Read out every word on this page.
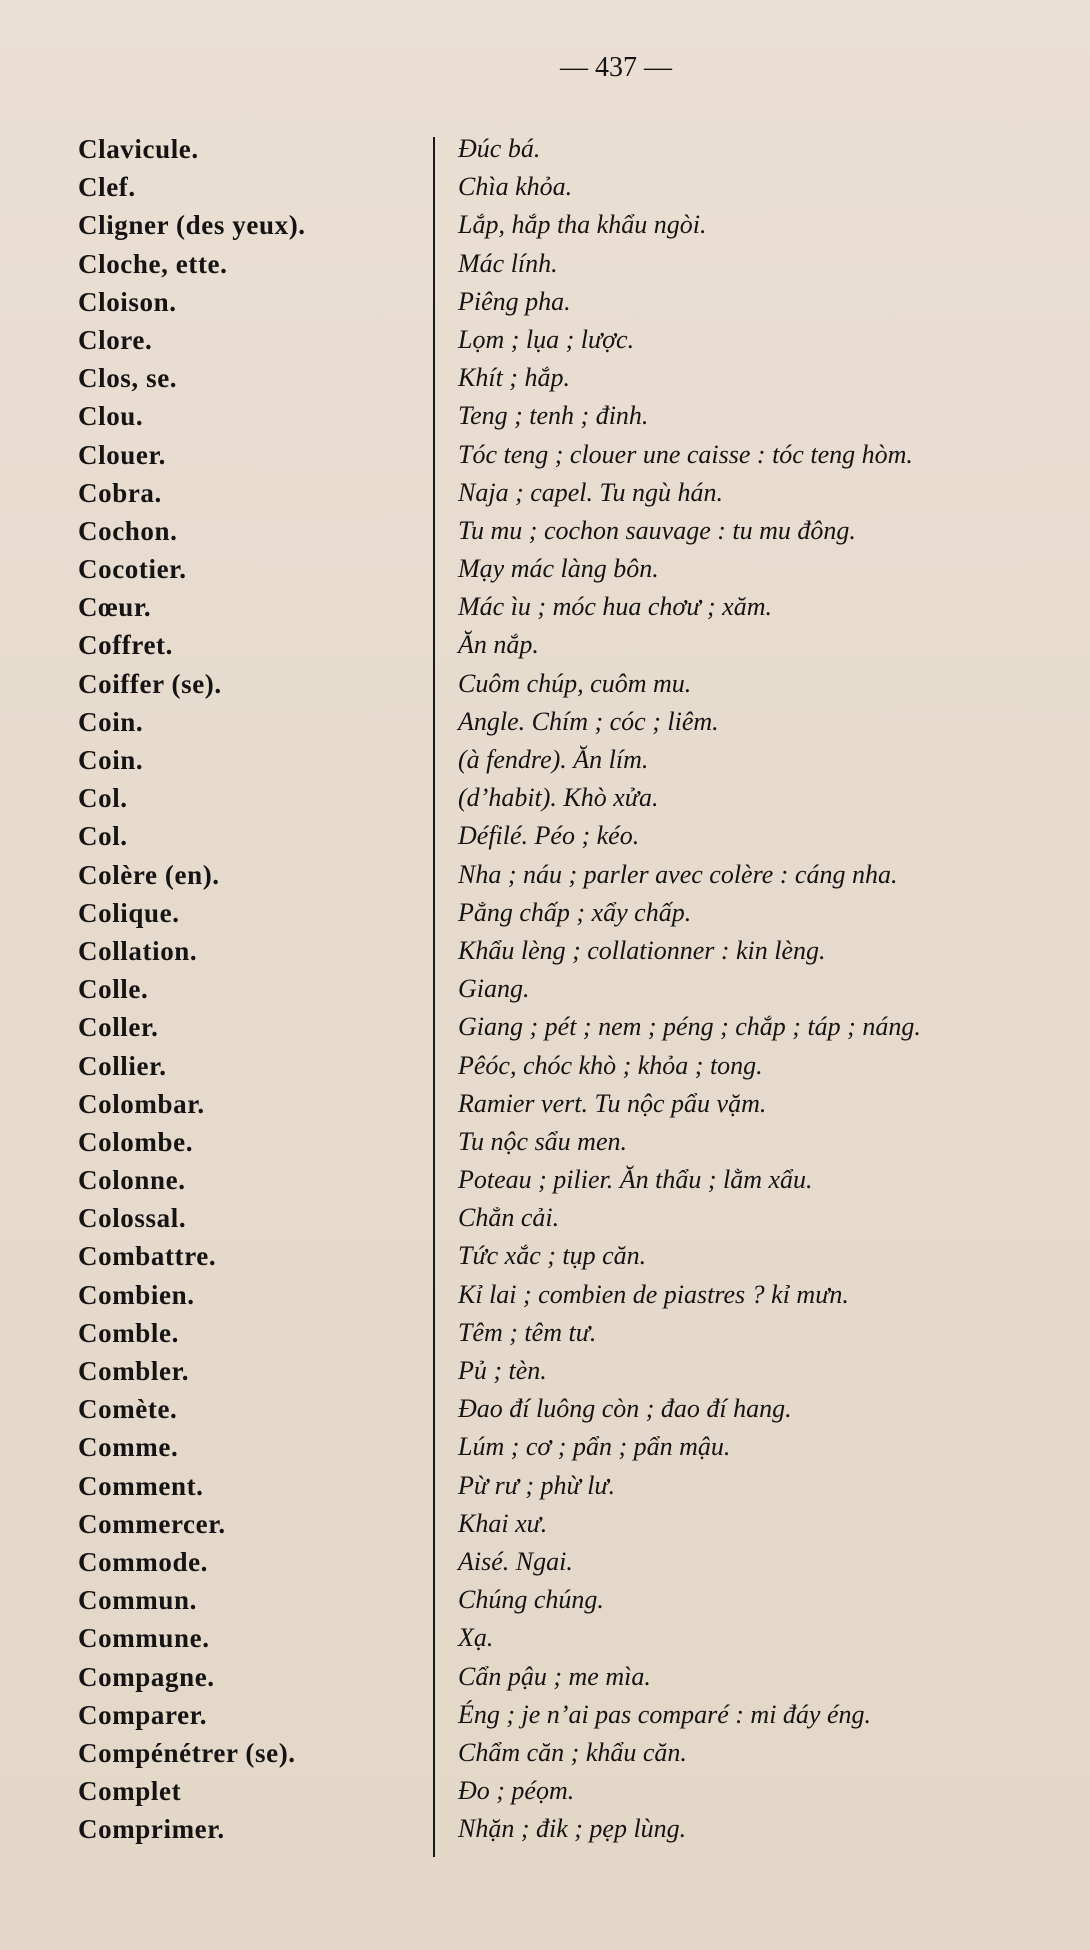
— 437 —
Clavicule.	Đúc bá.
Clef.	Chìa khỏa.
Cligner (des yeux).	Lắp, hắp tha khẩu ngòi.
Cloche, ette.	Mác lính.
Cloison.	Piêng pha.
Clore.	Lọm ; lụa ; lược.
Clos, se.	Khít ; hắp.
Clou.	Teng ; tenh ; đinh.
Clouer.	Tóc teng ; clouer une caisse : tóc teng hòm.
Cobra.	Naja ; capel. Tu ngù hán.
Cochon.	Tu mu ; cochon sauvage : tu mu đông.
Cocotier.	Mạy mác làng bôn.
Cœur.	Mác ìu ; móc hua chơư ; xăm.
Coffret.	Ăn nắp.
Coiffer (se).	Cuôm chúp, cuôm mu.
Coin.	Angle. Chím ; cóc ; liêm.
Coin.	(à fendre). Ăn lím.
Col.	(d’habit). Khò xửa.
Col.	Défilé. Péo ; kéo.
Colère (en).	Nha ; náu ; parler avec colère : cáng nha.
Colique.	Pẳng chấp ; xẩy chấp.
Collation.	Khẩu lèng ; collationner : kin lèng.
Colle.	Giang.
Coller.	Giang ; pét ; nem ; péng ; chắp ; táp ; náng.
Collier.	Pêóc, chóc khò ; khỏa ; tong.
Colombar.	Ramier vert. Tu nộc pẩu vặm.
Colombe.	Tu nộc sẩu men.
Colonne.	Poteau ; pilier. Ăn thẩu ; lằm xẩu.
Colossal.	Chẳn cải.
Combattre.	Tức xắc ; tụp căn.
Combien.	Kỉ lai ; combien de piastres ? kỉ mưn.
Comble.	Têm ; têm tư.
Combler.	Pủ ; tèn.
Comète.	Đao đí luông còn ; đao đí hang.
Comme.	Lúm ; cơ ; pẩn ; pẩn mậu.
Comment.	Pừ rư ; phừ lư.
Commercer.	Khai xư.
Commode.	Aisé. Ngai.
Commun.	Chúng chúng.
Commune.	Xạ.
Compagne.	Cẩn pậu ; me mìa.
Comparer.	Éng ; je n’ai pas comparé : mi đáy éng.
Compénétrer (se).	Chẩm căn ; khẩu căn.
Complet	Đo ; péọm.
Comprimer.	Nhặn ; đik ; pẹp lùng.
